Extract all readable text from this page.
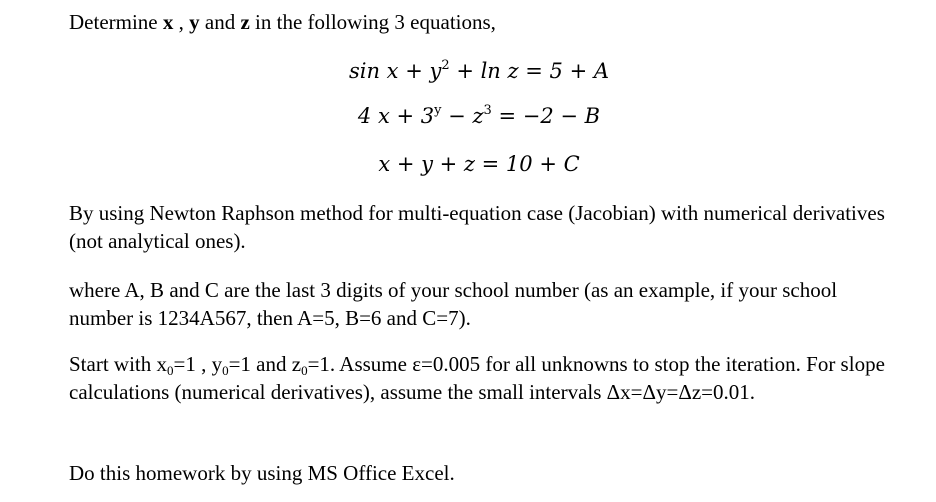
Determine x , y and z in the following 3 equations,

$\sin x + y^2 + \ln z = 5 + A$
4 $x + 3^y - z^3 = -2 - B$
x + y + z = 10 + C

By using Newton Raphson method for multi-equation case (Jacobian) with numerical derivatives (not analytical ones).

where A, B and C are the last 3 digits of your school number (as an example, if your school number is 1234A567, then A=5, B=6 and C=7).

Start with $x_0=1$ , $y_0=1$ and $z_0=1$. Assume ε=0.005 for all unknowns to stop the iteration. For slope calculations (numerical derivatives), assume the small intervals Δx=Δy=Δz=0.01.

Do this homework by using MS Office Excel.
